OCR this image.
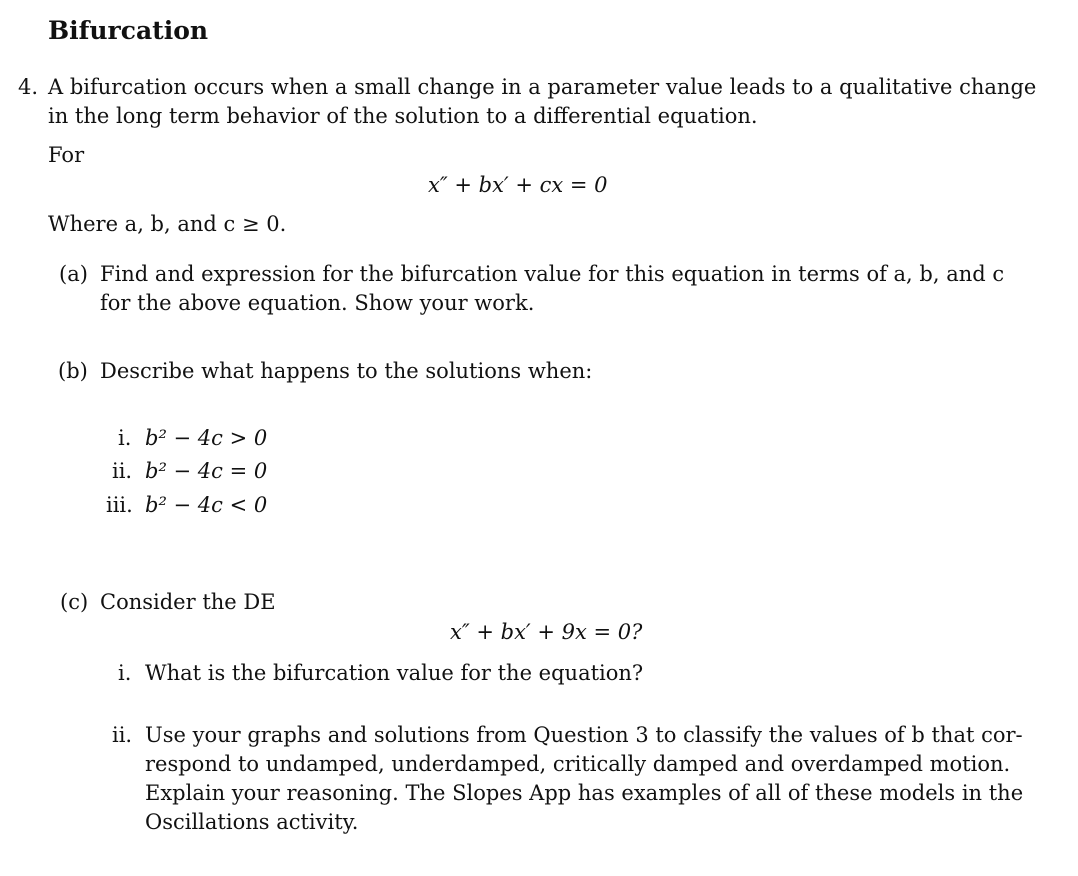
Bifurcation
4. A bifurcation occurs when a small change in a parameter value leads to a qualitative change
in the long term behavior of the solution to a differential equation.
For
x″ + bx′ + cx = 0
Where a, b, and c ≥ 0.
(a) Find and expression for the bifurcation value for this equation in terms of a, b, and c
for the above equation. Show your work.
(b) Describe what happens to the solutions when:
i. b² − 4c > 0
ii. b² − 4c = 0
iii. b² − 4c < 0
(c) Consider the DE
x″ + bx′ + 9x = 0?
i. What is the bifurcation value for the equation?
ii. Use your graphs and solutions from Question 3 to classify the values of b that cor-
respond to undamped, underdamped, critically damped and overdamped motion.
Explain your reasoning. The Slopes App has examples of all of these models in the
Oscillations activity.
